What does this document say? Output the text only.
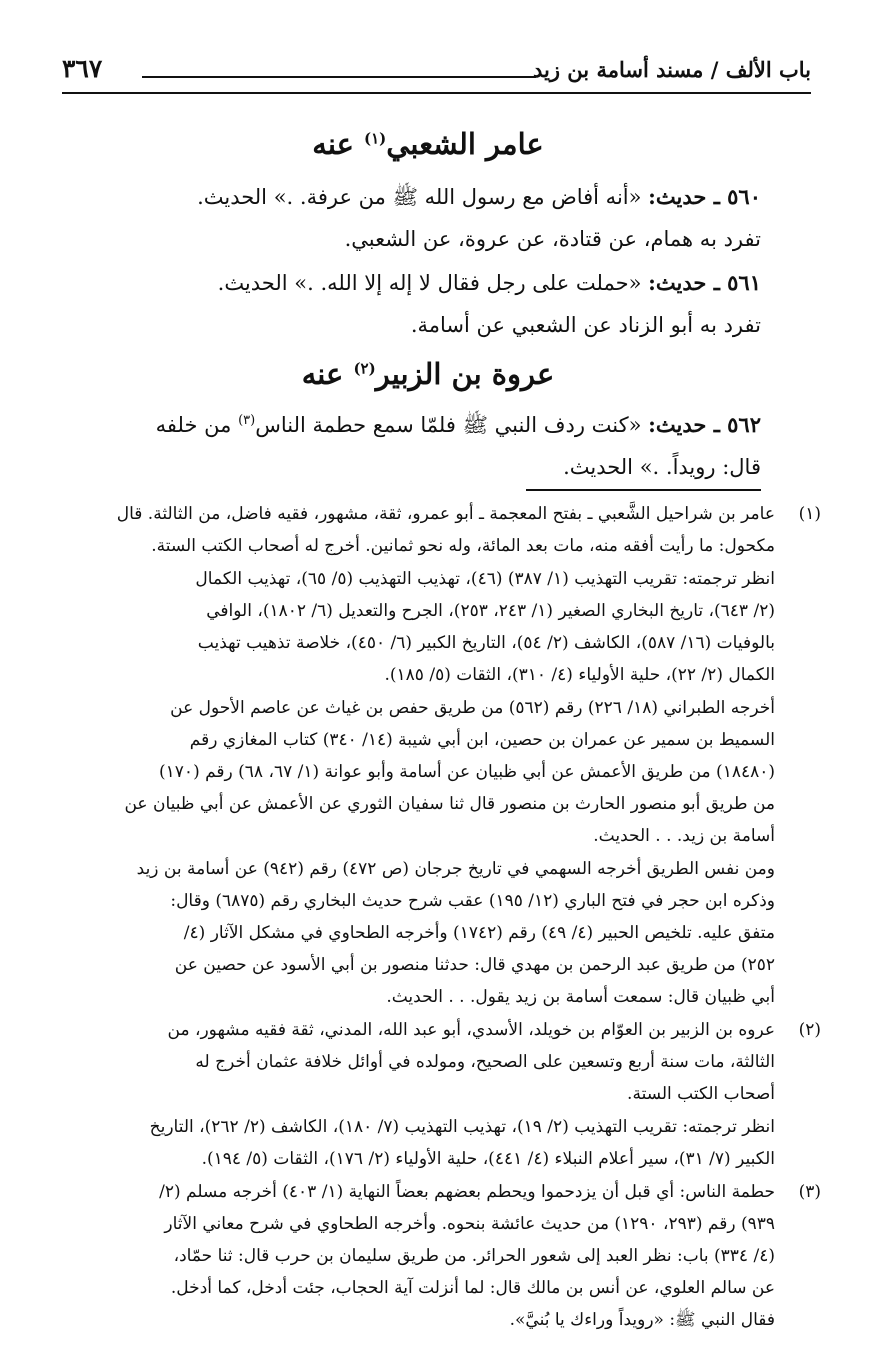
باب الألف / مسند أسامة بن زيد
٣٦٧

عامر الشعبي$^{(١)}$ عنه

٥٦٠ ـ حديث: «أنه أفاض مع رسول الله ﷺ من عرفة. .» الحديث.

تفرد به همام، عن قتادة، عن عروة، عن الشعبي.

٥٦١ ـ حديث: «حملت على رجل فقال لا إله إلا الله. .» الحديث.

تفرد به أبو الزناد عن الشعبي عن أسامة.

عروة بن الزبير$^{(٢)}$ عنه

٥٦٢ ـ حديث: «كنت ردف النبي ﷺ فلمّا سمع حطمة الناس$^{(٣)}$ من خلفه

قال: رويداً. .» الحديث.

(١)

عامر بن شراحيل الشَّعبي ـ بفتح المعجمة ـ أبو عمرو، ثقة، مشهور، فقيه فاضل، من الثالثة. قال

مكحول: ما رأيت أفقه منه، مات بعد المائة، وله نحو ثمانين. أخرج له أصحاب الكتب الستة.

انظر ترجمته: تقريب التهذيب (١/ ٣٨٧) (٤٦)، تهذيب التهذيب (٥/ ٦٥)، تهذيب الكمال

(٢/ ٦٤٣)، تاريخ البخاري الصغير (١/ ٢٤٣، ٢٥٣)، الجرح والتعديل (٦/ ١٨٠٢)، الوافي

بالوفيات (١٦/ ٥٨٧)، الكاشف (٢/ ٥٤)، التاريخ الكبير (٦/ ٤٥٠)، خلاصة تذهيب تهذيب

الكمال (٢/ ٢٢)، حلية الأولياء (٤/ ٣١٠)، الثقات (٥/ ١٨٥).

أخرجه الطبراني (١٨/ ٢٢٦) رقم (٥٦٢) من طريق حفص بن غياث عن عاصم الأحول عن

السميط بن سمير عن عمران بن حصين، ابن أبي شيبة (١٤/ ٣٤٠) كتاب المغازي رقم

(١٨٤٨٠) من طريق الأعمش عن أبي ظبيان عن أسامة وأبو عوانة (١/ ٦٧، ٦٨) رقم (١٧٠)

من طريق أبو منصور الحارث بن منصور قال ثنا سفيان الثوري عن الأعمش عن أبي ظبيان عن

أسامة بن زيد. . . الحديث.

ومن نفس الطريق أخرجه السهمي في تاريخ جرجان (ص ٤٧٢) رقم (٩٤٢) عن أسامة بن زيد

وذكره ابن حجر في فتح الباري (١٢/ ١٩٥) عقب شرح حديث البخاري رقم (٦٨٧٥) وقال:

متفق عليه. تلخيص الحبير (٤/ ٤٩) رقم (١٧٤٢) وأخرجه الطحاوي في مشكل الآثار (٤/

٢٥٢) من طريق عبد الرحمن بن مهدي قال: حدثنا منصور بن أبي الأسود عن حصين عن

أبي ظبيان قال: سمعت أسامة بن زيد يقول. . . الحديث.

(٢)

عروه بن الزبير بن العوّام بن خويلد، الأسدي، أبو عبد الله، المدني، ثقة فقيه مشهور، من

الثالثة، مات سنة أربع وتسعين على الصحيح، ومولده في أوائل خلافة عثمان أخرج له

أصحاب الكتب الستة.

انظر ترجمته: تقريب التهذيب (٢/ ١٩)، تهذيب التهذيب (٧/ ١٨٠)، الكاشف (٢/ ٢٦٢)، التاريخ

الكبير (٧/ ٣١)، سير أعلام النبلاء (٤/ ٤٤١)، حلية الأولياء (٢/ ١٧٦)، الثقات (٥/ ١٩٤).

(٣)

حطمة الناس: أي قبل أن يزدحموا ويحطم بعضهم بعضاً النهاية (١/ ٤٠٣) أخرجه مسلم (٢/

٩٣٩) رقم (٢٩٣، ١٢٩٠) من حديث عائشة بنحوه. وأخرجه الطحاوي في شرح معاني الآثار

(٤/ ٣٣٤) باب: نظر العبد إلى شعور الحرائر. من طريق سليمان بن حرب قال: ثنا حمّاد،

عن سالم العلوي، عن أنس بن مالك قال: لما أنزلت آية الحجاب، جئت أدخل، كما أدخل.

فقال النبي ﷺ: «رويداً وراءك يا بُنيَّ».
